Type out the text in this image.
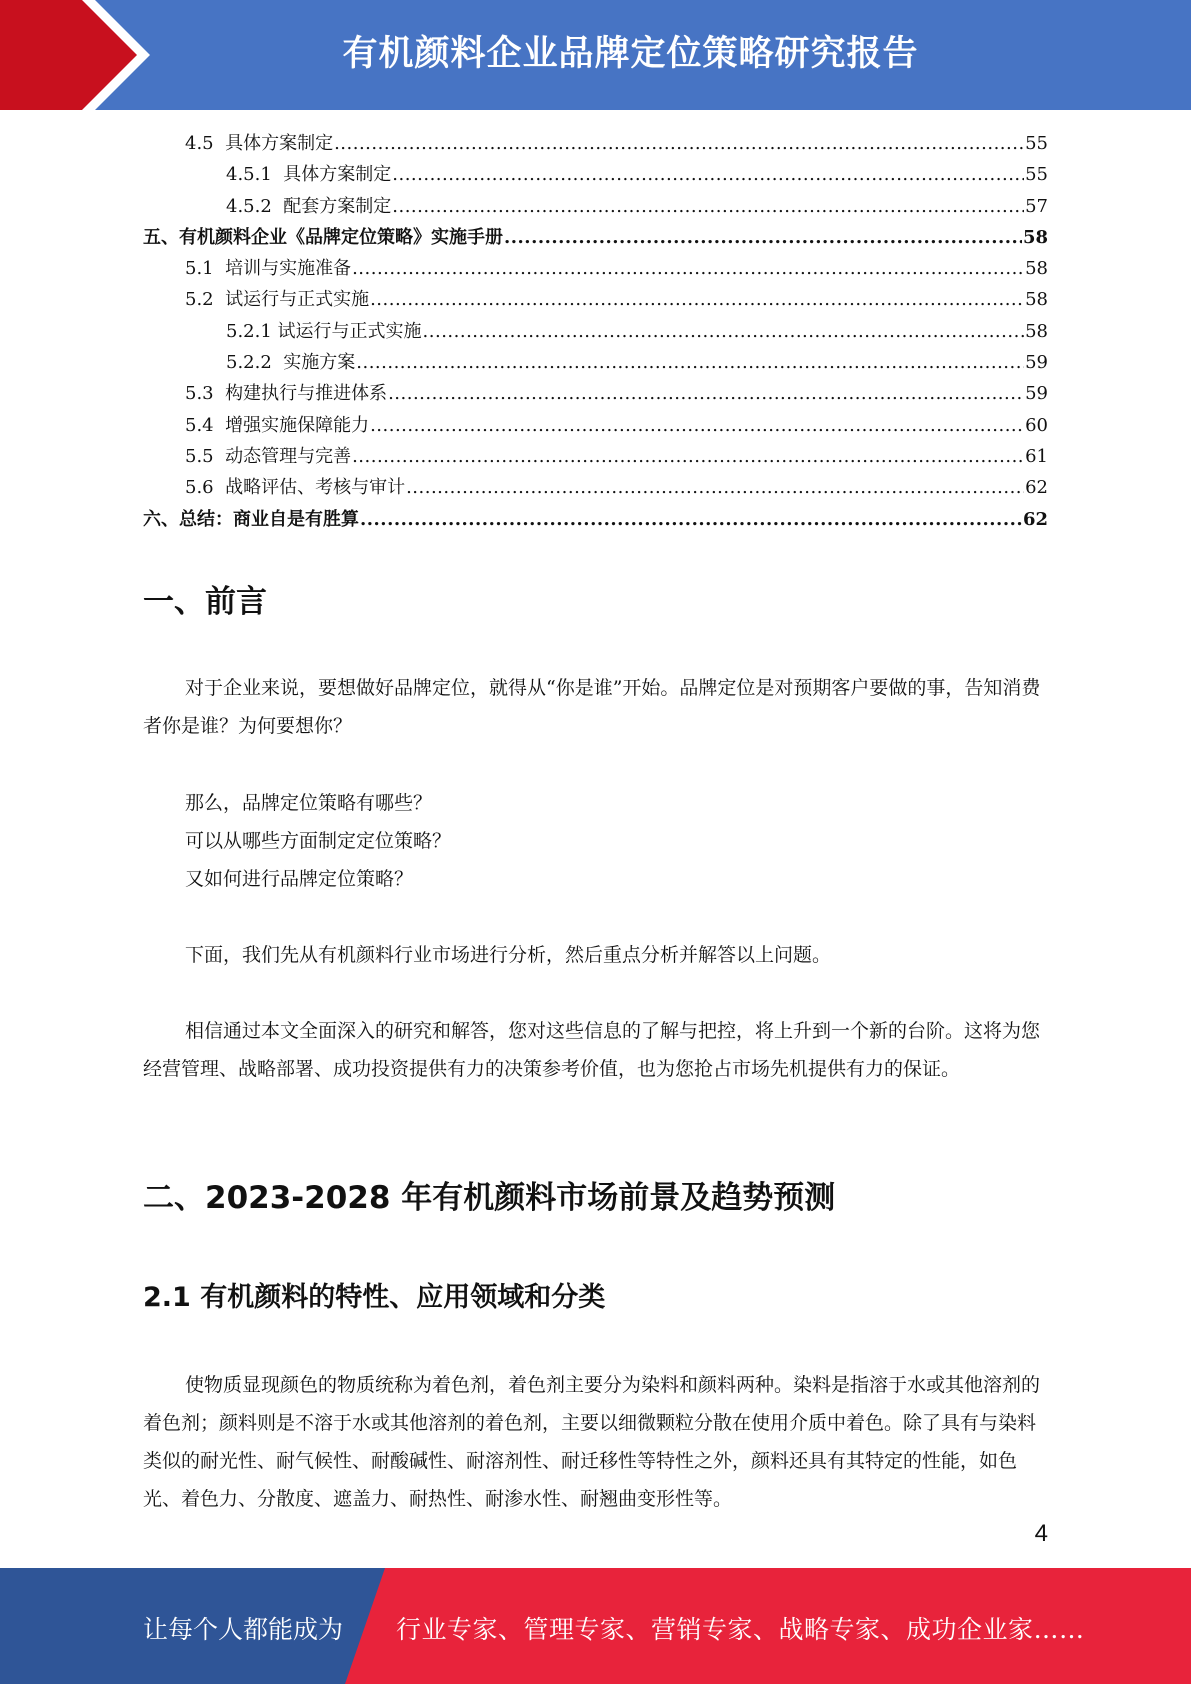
有机颜料企业品牌定位策略研究报告
4.5  具体方案制定 .....	55
4.5.1  具体方案制定 .....	55
4.5.2  配套方案制定 .....	57
五、有机颜料企业《品牌定位策略》实施手册 .....	58
5.1  培训与实施准备 .....	58
5.2  试运行与正式实施 .....	58
5.2.1 试运行与正式实施 .....	58
5.2.2  实施方案 .....	59
5.3  构建执行与推进体系 .....	59
5.4  增强实施保障能力 .....	60
5.5  动态管理与完善 .....	61
5.6  战略评估、考核与审计 .....	62
六、总结：商业自是有胜算 .....	62
一、前言

对于企业来说，要想做好品牌定位，就得从“你是谁”开始。品牌定位是对预期客户要做的事，告知消费者你是谁？为何要想你？

那么，品牌定位策略有哪些？

可以从哪些方面制定定位策略？

又如何进行品牌定位策略？

下面，我们先从有机颜料行业市场进行分析，然后重点分析并解答以上问题。

相信通过本文全面深入的研究和解答，您对这些信息的了解与把控，将上升到一个新的台阶。这将为您经营管理、战略部署、成功投资提供有力的决策参考价值，也为您抢占市场先机提供有力的保证。

二、2023-2028 年有机颜料市场前景及趋势预测
2.1 有机颜料的特性、应用领域和分类

使物质显现颜色的物质统称为着色剂，着色剂主要分为染料和颜料两种。染料是指溶于水或其他溶剂的着色剂；颜料则是不溶于水或其他溶剂的着色剂，主要以细微颗粒分散在使用介质中着色。除了具有与染料类似的耐光性、耐气候性、耐酸碱性、耐溶剂性、耐迁移性等特性之外，颜料还具有其特定的性能，如色光、着色力、分散度、遮盖力、耐热性、耐渗水性、耐翘曲变形性等。

4
让每个人都能成为 行业专家、管理专家、营销专家、战略专家、成功企业家……
